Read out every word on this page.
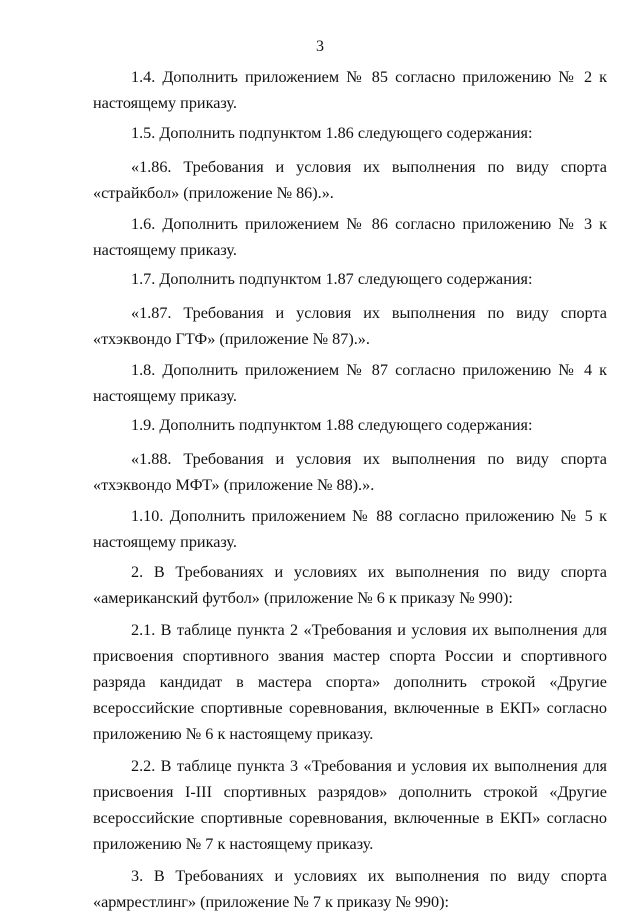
3

1.4. Дополнить приложением № 85 согласно приложению № 2 к настоящему приказу.

1.5. Дополнить подпунктом 1.86 следующего содержания:

«1.86. Требования и условия их выполнения по виду спорта «страйкбол» (приложение № 86).».

1.6. Дополнить приложением № 86 согласно приложению № 3 к настоящему приказу.

1.7. Дополнить подпунктом 1.87 следующего содержания:

«1.87. Требования и условия их выполнения по виду спорта «тхэквондо ГТФ» (приложение № 87).».

1.8. Дополнить приложением № 87 согласно приложению № 4 к настоящему приказу.

1.9. Дополнить подпунктом 1.88 следующего содержания:

«1.88. Требования и условия их выполнения по виду спорта «тхэквондо МФТ» (приложение № 88).».

1.10. Дополнить приложением № 88 согласно приложению № 5 к настоящему приказу.

2. В Требованиях и условиях их выполнения по виду спорта «американский футбол» (приложение № 6 к приказу № 990):

2.1. В таблице пункта 2 «Требования и условия их выполнения для присвоения спортивного звания мастер спорта России и спортивного разряда кандидат в мастера спорта» дополнить строкой «Другие всероссийские спортивные соревнования, включенные в ЕКП» согласно приложению № 6 к настоящему приказу.

2.2. В таблице пункта 3 «Требования и условия их выполнения для присвоения I-III спортивных разрядов» дополнить строкой «Другие всероссийские спортивные соревнования, включенные в ЕКП» согласно приложению № 7 к настоящему приказу.

3. В Требованиях и условиях их выполнения по виду спорта «армрестлинг» (приложение № 7 к приказу № 990):
